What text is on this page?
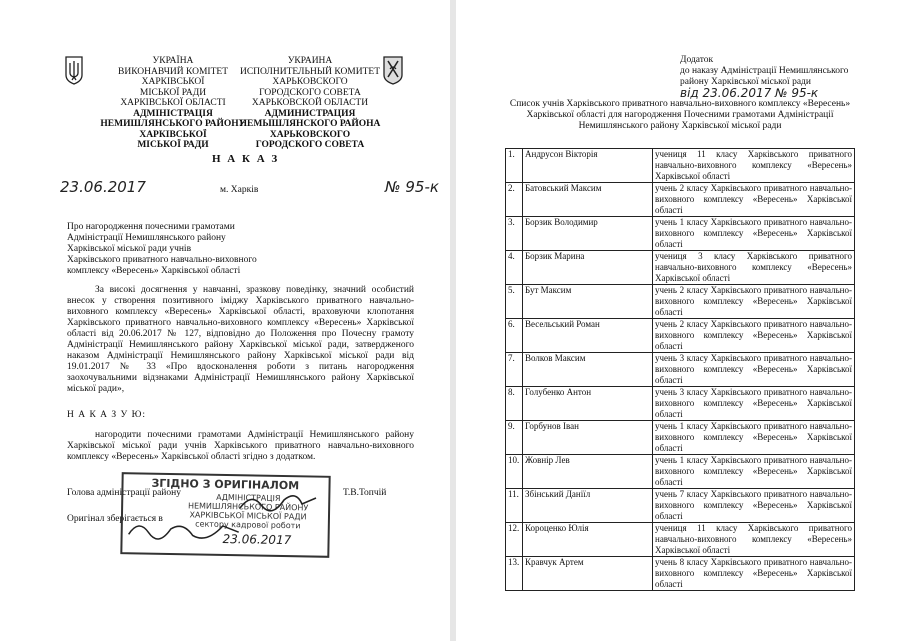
УКРАЇНА
ВИКОНАВЧИЙ КОМІТЕТ
ХАРКІВСЬКОЇ
МІСЬКОЇ РАДИ
ХАРКІВСЬКОЇ ОБЛАСТІ
АДМІНІСТРАЦІЯ
НЕМИШЛЯНСЬКОГО РАЙОНУ
ХАРКІВСЬКОЇ
МІСЬКОЇ РАДИ
УКРАИНА
ИСПОЛНИТЕЛЬНЫЙ КОМИТЕТ
ХАРЬКОВСКОГО
ГОРОДСКОГО СОВЕТА
ХАРЬКОВСКОЙ ОБЛАСТИ
АДМИНИСТРАЦИЯ
НЕМЫШЛЯНСКОГО РАЙОНА
ХАРЬКОВСКОГО
ГОРОДСКОГО СОВЕТА
Н А К А З
23.06.2017	м. Харків	№ 95-к
Про нагородження почесними грамотами
Адміністрації Немишлянського району
Харківської міської ради учнів
Харківського приватного навчально-виховного
комплексу «Вересень» Харківської області
За високі досягнення у навчанні, зразкову поведінку, значний особистий внесок у створення позитивного іміджу Харківського приватного навчально-виховного комплексу «Вересень» Харківської області, враховуючи клопотання Харківського приватного навчально-виховного комплексу «Вересень» Харківської області від 20.06.2017 № 127, відповідно до Положення про Почесну грамоту Адміністрації Немишлянського району Харківської міської ради, затвердженого наказом Адміністрації Немишлянського району Харківської міської ради від 19.01.2017 № 33 «Про вдосконалення роботи з питань нагородження заохочувальними відзнаками Адміністрації Немишлянського району Харківської міської ради»,
Н А К А З У Ю:
нагородити почесними грамотами Адміністрації Немишлянського району Харківської міської ради учнів Харківського приватного навчально-виховного комплексу «Вересень» Харківської області згідно з додатком.
Голова адміністрації району	Т.В.Топчій
Оригінал зберігається в
ЗГІДНО З ОРИГІНАЛОМ
АДМІНІСТРАЦІЯ НЕМИШЛЯНСЬКОГО РАЙОНУ
ХАРКІВСЬКОЇ МІСЬКОЇ РАДИ
сектору кадрової роботи
23.06.2017
Додаток
до наказу Адміністрації Немишлянського
району Харківської міської ради
від 23.06.2017 № 95-к
Список учнів Харківського приватного навчально-виховного комплексу «Вересень» Харківської області для нагородження Почесними грамотами Адміністрації Немишлянського району Харківської міської ради
1.	Андрусон Вікторія	учениця 11 класу Харківського приватного навчально-виховного комплексу «Вересень» Харківської області
2.	Батовський Максим	учень 2 класу Харківського приватного навчально-виховного комплексу «Вересень» Харківської області
3.	Борзик Володимир	учень 1 класу Харківського приватного навчально-виховного комплексу «Вересень» Харківської області
4.	Борзик Марина	учениця 3 класу Харківського приватного навчально-виховного комплексу «Вересень» Харківської області
5.	Бут Максим	учень 2 класу Харківського приватного навчально-виховного комплексу «Вересень» Харківської області
6.	Весельський Роман	учень 2 класу Харківського приватного навчально-виховного комплексу «Вересень» Харківської області
7.	Волков Максим	учень 3 класу Харківського приватного навчально-виховного комплексу «Вересень» Харківської області
8.	Голубенко Антон	учень 3 класу Харківського приватного навчально-виховного комплексу «Вересень» Харківської області
9.	Горбунов Іван	учень 1 класу Харківського приватного навчально-виховного комплексу «Вересень» Харківської області
10.	Жовнір Лев	учень 1 класу Харківського приватного навчально-виховного комплексу «Вересень» Харківської області
11.	Збінський Даніїл	учень 7 класу Харківського приватного навчально-виховного комплексу «Вересень» Харківської області
12.	Короценко Юлія	учениця 11 класу Харківського приватного навчально-виховного комплексу «Вересень» Харківської області
13.	Кравчук Артем	учень 8 класу Харківського приватного навчально-виховного комплексу «Вересень» Харківської області
